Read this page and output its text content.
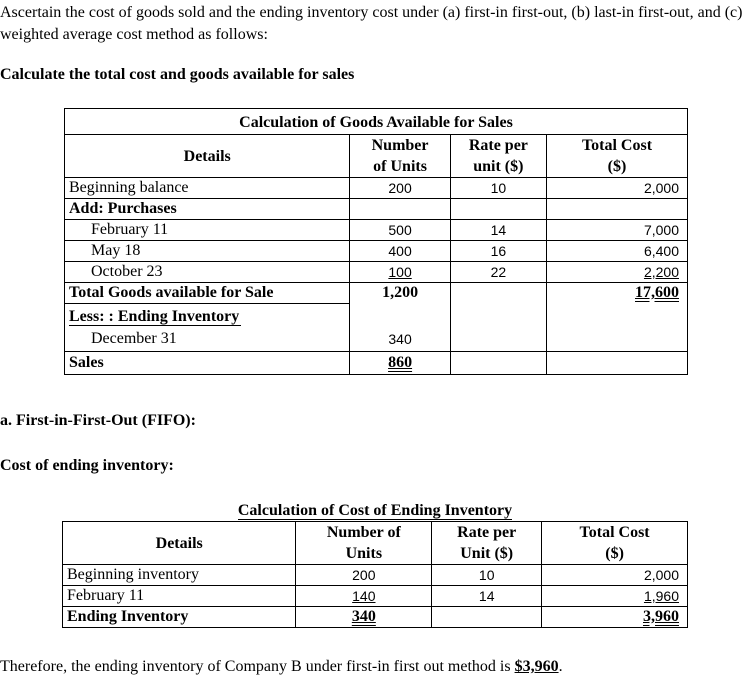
Ascertain the cost of goods sold and the ending inventory cost under (a) first-in first-out, (b) last-in first-out, and (c) weighted average cost method as follows:
Calculate the total cost and goods available for sales
Calculation of Goods Available for Sales
Details	Number of Units	Rate per unit ($)	Total Cost ($)

Beginning balance	200	10	2,000
Add: Purchases			
February 11	500	14	7,000
May 18	400	16	6,400
October 23	100	22	2,200
Total Goods available for Sale	1,200		17,600
Less: : Ending Inventory			
December 31	340		
Sales	860		
a. First-in-First-Out (FIFO):
Cost of ending inventory:
Calculation of Cost of Ending Inventory
Details	Number of Units	Rate per Unit ($)	Total Cost ($)

Beginning inventory	200	10	2,000
February 11	140	14	1,960
Ending Inventory	340		3,960
Therefore, the ending inventory of Company B under first-in first out method is $3,960.
